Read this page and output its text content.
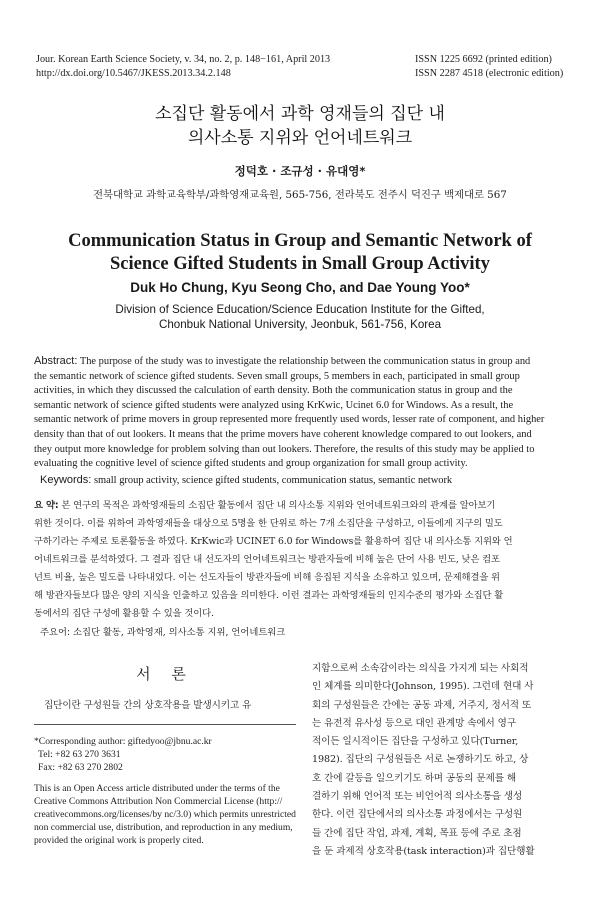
Jour. Korean Earth Science Society, v. 34, no. 2, p. 148−161, April 2013
http://dx.doi.org/10.5467/JKESS.2013.34.2.148
ISSN 1225 6692 (printed edition)
ISSN 2287 4518 (electronic edition)
소집단 활동에서 과학 영재들의 집단 내
의사소통 지위와 언어네트워크
정덕호 · 조규성 · 유대영*
전북대학교 과학교육학부/과학영재교육원, 565-756, 전라북도 전주시 덕진구 백제대로 567
Communication Status in Group and Semantic Network of
Science Gifted Students in Small Group Activity
Duk Ho Chung, Kyu Seong Cho, and Dae Young Yoo*
Division of Science Education/Science Education Institute for the Gifted,
Chonbuk National University, Jeonbuk, 561-756, Korea
Abstract: The purpose of the study was to investigate the relationship between the communication status in group and
the semantic network of science gifted students. Seven small groups, 5 members in each, participated in small group
activities, in which they discussed the calculation of earth density. Both the communication status in group and the
semantic network of science gifted students were analyzed using KrKwic, Ucinet 6.0 for Windows. As a result, the
semantic network of prime movers in group represented more frequently used words, lesser rate of component, and higher
density than that of out lookers. It means that the prime movers have coherent knowledge compared to out lookers, and
they output more knowledge for problem solving than out lookers. Therefore, the results of this study may be applied to
evaluating the cognitive level of science gifted students and group organization for small group activity.
Keywords: small group activity, science gifted students, communication status, semantic network
요 약: 본 연구의 목적은 과학영재들의 소집단 활동에서 집단 내 의사소통 지위와 언어네트워크와의 관계를 알아보기
위한 것이다. 이를 위하여 과학영재들을 대상으로 5명을 한 단위로 하는 7개 소집단을 구성하고, 이들에게 지구의 밀도
구하기라는 주제로 토론활동을 하였다. KrKwic과 UCINET 6.0 for Windows를 활용하여 집단 내 의사소통 지위와 언
어네트워크를 분석하였다. 그 결과 집단 내 선도자의 언어네트워크는 방관자들에 비해 높은 단어 사용 빈도, 낮은 컴포
넌트 비율, 높은 밀도를 나타내었다. 이는 선도자들이 방관자들에 비해 응집된 지식을 소유하고 있으며, 문제해결을 위
해 방관자들보다 많은 양의 지식을 인출하고 있음을 의미한다. 이런 결과는 과학영재들의 인지수준의 평가와 소집단 활
동에서의 집단 구성에 활용할 수 있을 것이다.
주요어: 소집단 활동, 과학영재, 의사소통 지위, 언어네트워크
서 론
집단이란 구성원들 간의 상호작용을 발생시키고 유
*Corresponding author: giftedyoo@jbnu.ac.kr
Tel: +82 63 270 3631
Fax: +82 63 270 2802
This is an Open Access article distributed under the terms of the
Creative Commons Attribution Non Commercial License (http://
creativecommons.org/licenses/by nc/3.0) which permits unrestricted
non commercial use, distribution, and reproduction in any medium,
provided the original work is properly cited.
지함으로써 소속감이라는 의식을 가지게 되는 사회적
인 체계를 의미한다(Johnson, 1995). 그런데 현대 사
회의 구성원들은 간에는 공동 과제, 거주지, 정서적 또
는 유전적 유사성 등으로 대인 관계망 속에서 영구
적이든 일시적이든 집단을 구성하고 있다(Turner,
1982). 집단의 구성원들은 서로 논쟁하기도 하고, 상
호 간에 갈등을 일으키기도 하며 공동의 문제를 해
결하기 위해 언어적 또는 비언어적 의사소통을 생성
한다. 이런 집단에서의 의사소통 과정에서는 구성원
들 간에 집단 작업, 과제, 계획, 목표 등에 주로 초점
을 둔 과제적 상호작용(task interaction)과 집단행활
